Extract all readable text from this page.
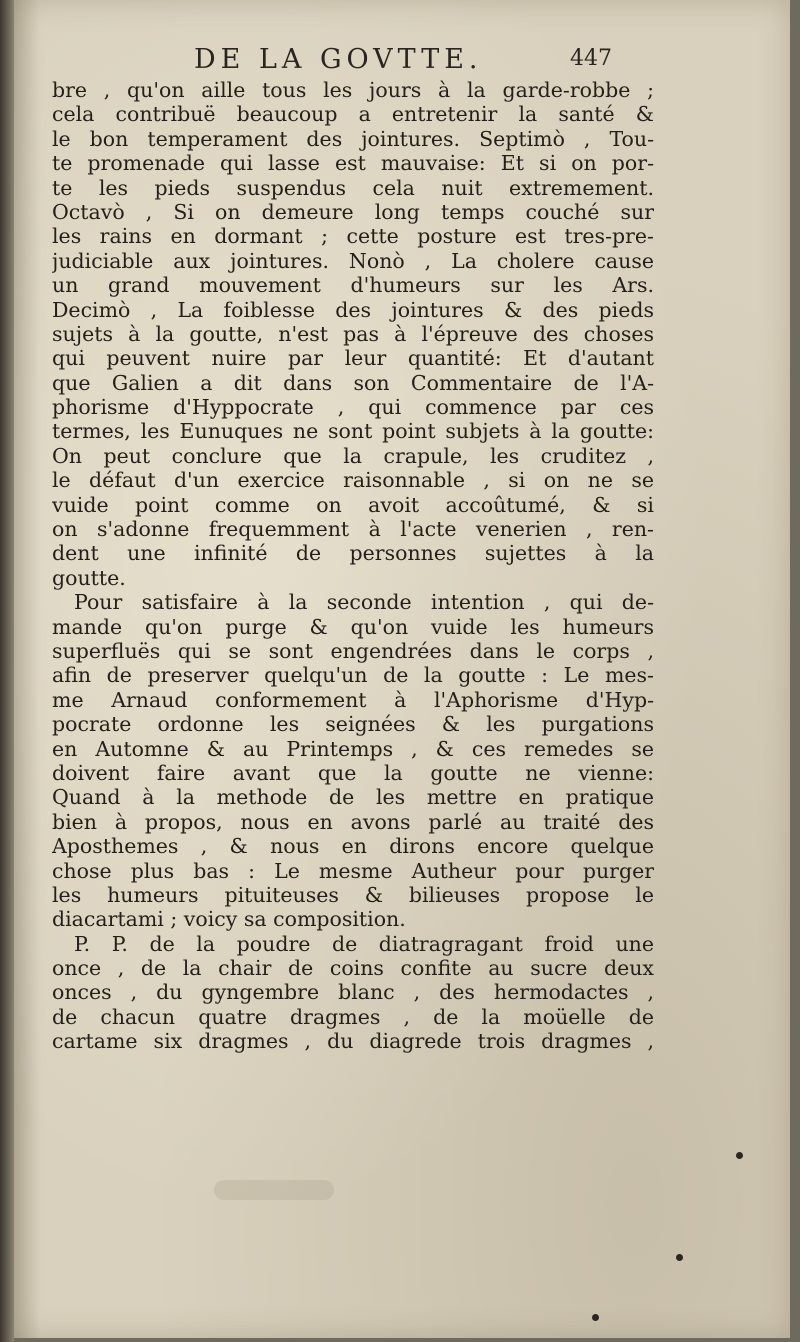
DE LA GOVTTE.	447
bre , qu'on aille tous les jours à la garde-robbe ;
cela contribuë beaucoup a entretenir la santé &
le bon temperament des jointures. Septimò , Tou-
te promenade qui lasse est mauvaise: Et si on por-
te les pieds suspendus cela nuit extremement.
Octavò , Si on demeure long temps couché sur
les rains en dormant ; cette posture est tres-pre-
judiciable aux jointures. Nonò , La cholere cause
un grand mouvement d'humeurs sur les Ars.
Decimò , La foiblesse des jointures & des pieds
sujets à la goutte, n'est pas à l'épreuve des choses
qui peuvent nuire par leur quantité: Et d'autant
que Galien a dit dans son Commentaire de l'A-
phorisme d'Hyppocrate , qui commence par ces
termes, les Eunuques ne sont point subjets à la goutte:
On peut conclure que la crapule, les cruditez ,
le défaut d'un exercice raisonnable , si on ne se
vuide point comme on avoit accoûtumé, & si
on s'adonne frequemment à l'acte venerien , ren-
dent une infinité de personnes sujettes à la
goutte.
Pour satisfaire à la seconde intention , qui de-
mande qu'on purge & qu'on vuide les humeurs
superfluës qui se sont engendrées dans le corps ,
afin de preserver quelqu'un de la goutte : Le mes-
me Arnaud conformement à l'Aphorisme d'Hyp-
pocrate ordonne les seignées & les purgations
en Automne & au Printemps , & ces remedes se
doivent faire avant que la goutte ne vienne:
Quand à la methode de les mettre en pratique
bien à propos, nous en avons parlé au traité des
Aposthemes , & nous en dirons encore quelque
chose plus bas : Le mesme Autheur pour purger
les humeurs pituiteuses & bilieuses propose le
diacartami ; voicy sa composition.
P. P. de la poudre de diatragragant froid une
once , de la chair de coins confite au sucre deux
onces , du gyngembre blanc , des hermodactes ,
de chacun quatre dragmes , de la moüelle de
cartame six dragmes , du diagrede trois dragmes ,
